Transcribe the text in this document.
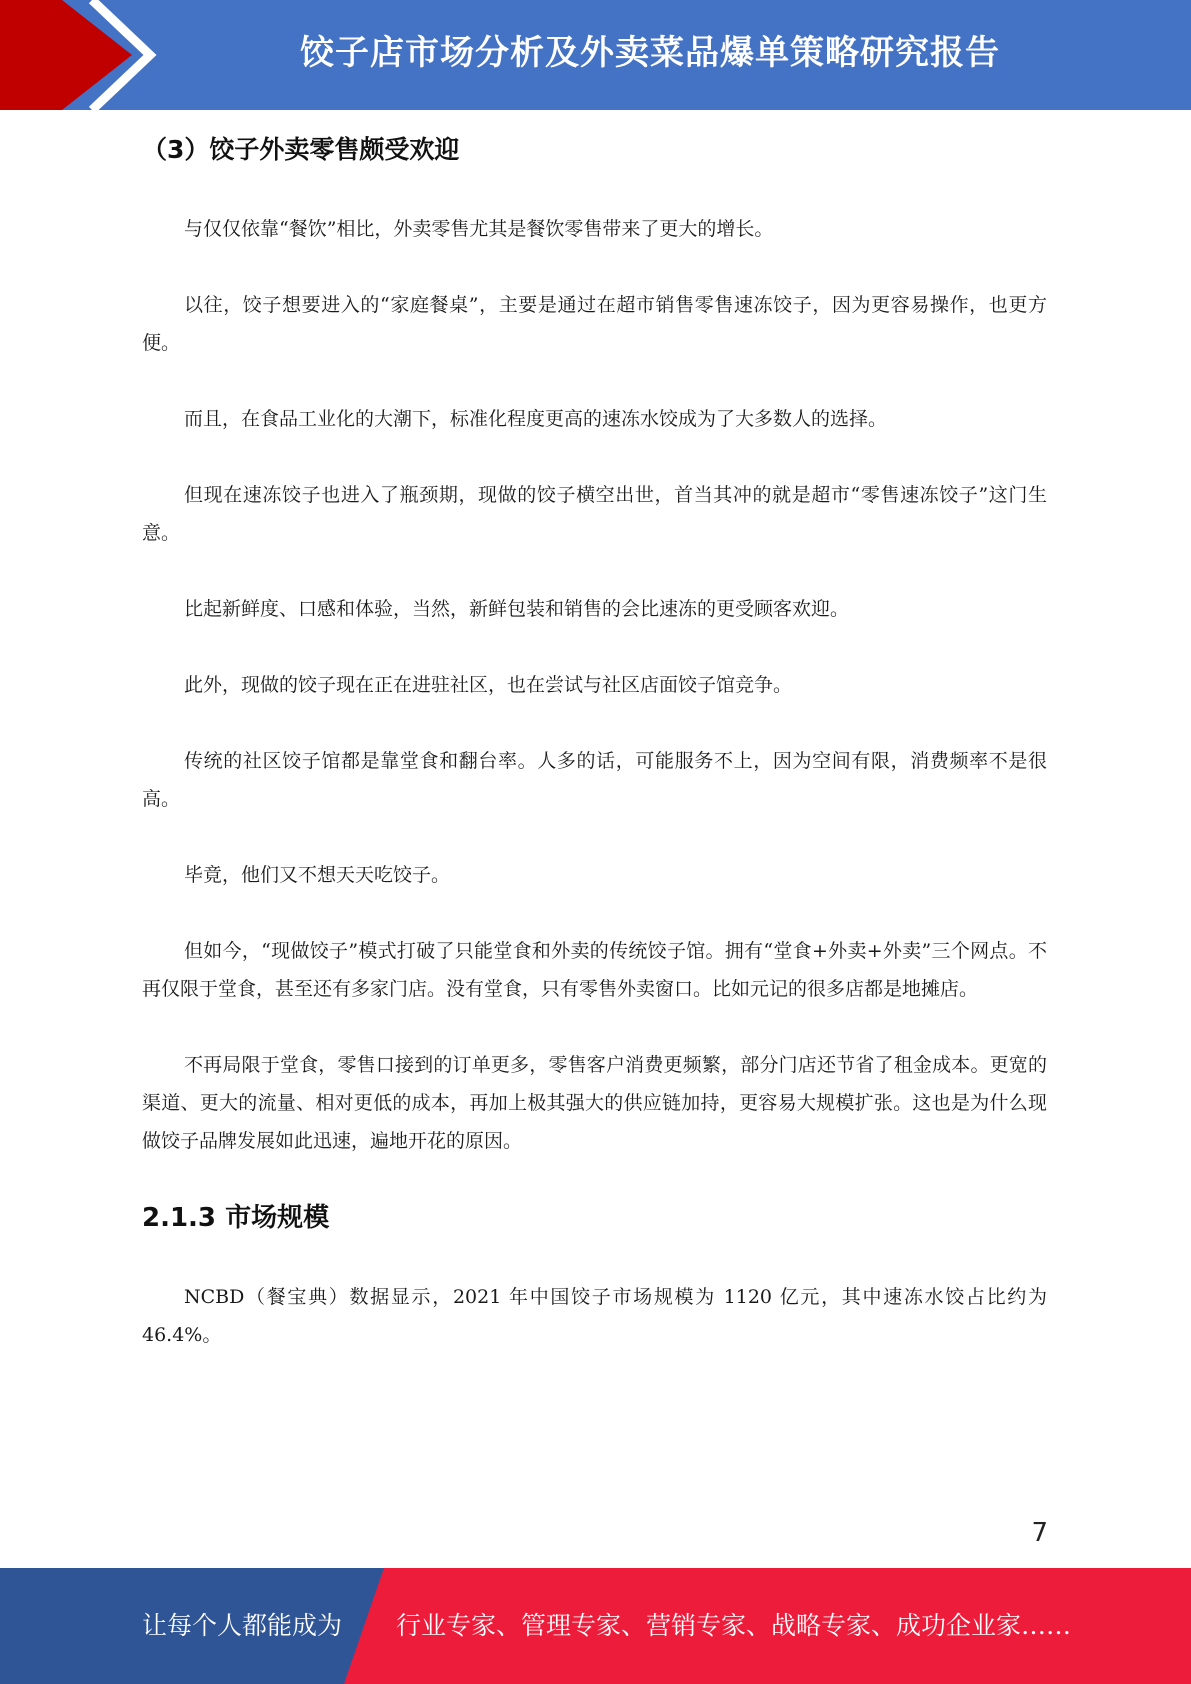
饺子店市场分析及外卖菜品爆单策略研究报告
（3）饺子外卖零售颇受欢迎

与仅仅依靠“餐饮”相比，外卖零售尤其是餐饮零售带来了更大的增长。

以往，饺子想要进入的“家庭餐桌”，主要是通过在超市销售零售速冻饺子，因为更容易操作，也更方便。

而且，在食品工业化的大潮下，标准化程度更高的速冻水饺成为了大多数人的选择。

但现在速冻饺子也进入了瓶颈期，现做的饺子横空出世，首当其冲的就是超市“零售速冻饺子”这门生意。

比起新鲜度、口感和体验，当然，新鲜包装和销售的会比速冻的更受顾客欢迎。

此外，现做的饺子现在正在进驻社区，也在尝试与社区店面饺子馆竞争。

传统的社区饺子馆都是靠堂食和翻台率。人多的话，可能服务不上，因为空间有限，消费频率不是很高。

毕竟，他们又不想天天吃饺子。

但如今，“现做饺子”模式打破了只能堂食和外卖的传统饺子馆。拥有“堂食+外卖+外卖”三个网点。不再仅限于堂食，甚至还有多家门店。没有堂食，只有零售外卖窗口。比如元记的很多店都是地摊店。

不再局限于堂食，零售口接到的订单更多，零售客户消费更频繁，部分门店还节省了租金成本。更宽的渠道、更大的流量、相对更低的成本，再加上极其强大的供应链加持，更容易大规模扩张。这也是为什么现做饺子品牌发展如此迅速，遍地开花的原因。

2.1.3 市场规模

NCBD（餐宝典）数据显示，2021 年中国饺子市场规模为 1120 亿元，其中速冻水饺占比约为 46.4%。

7
让每个人都能成为 行业专家、管理专家、营销专家、战略专家、成功企业家……
